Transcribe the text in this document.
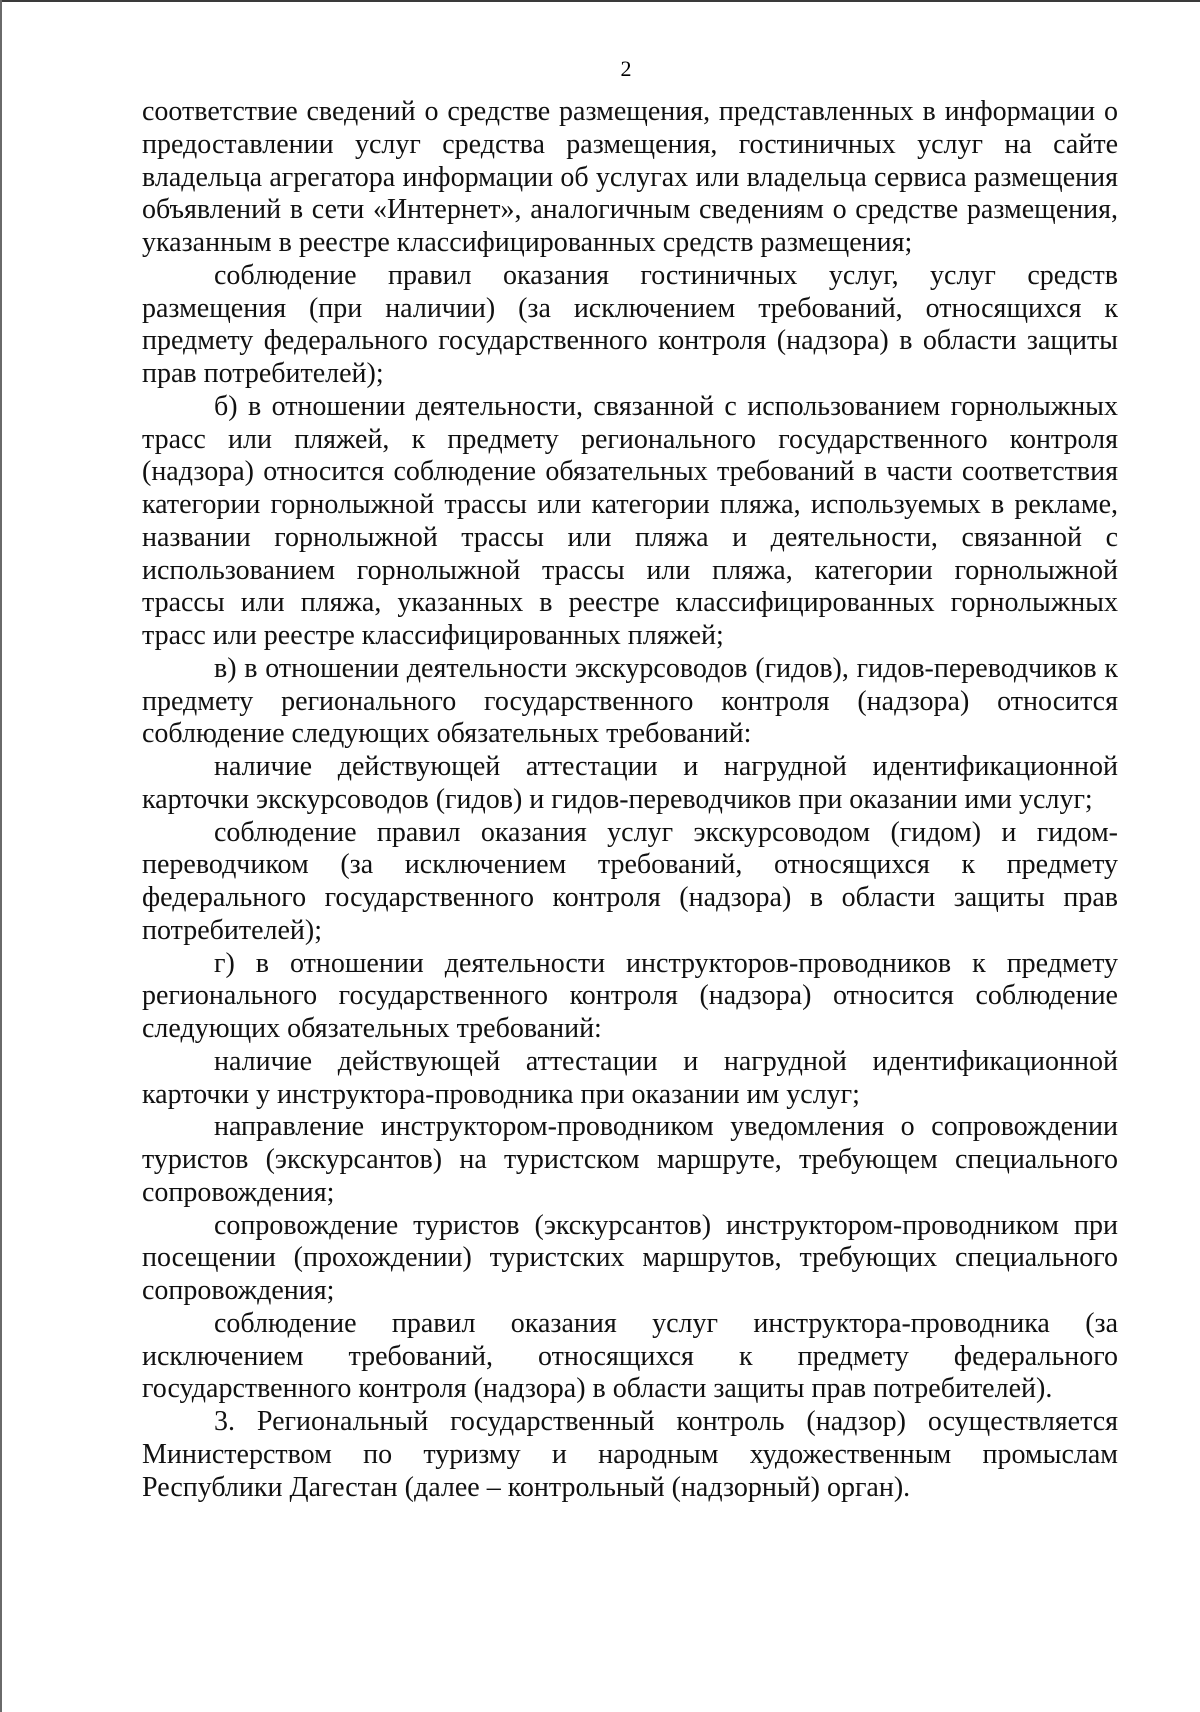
2

соответствие сведений о средстве размещения, представленных в информации о предоставлении услуг средства размещения, гостиничных услуг на сайте владельца агрегатора информации об услугах или владельца сервиса размещения объявлений в сети «Интернет», аналогичным сведениям о средстве размещения, указанным в реестре классифицированных средств размещения;

соблюдение правил оказания гостиничных услуг, услуг средств размещения (при наличии) (за исключением требований, относящихся к предмету федерального государственного контроля (надзора) в области защиты прав потребителей);

б) в отношении деятельности, связанной с использованием горнолыжных трасс или пляжей, к предмету регионального государственного контроля (надзора) относится соблюдение обязательных требований в части соответствия категории горнолыжной трассы или категории пляжа, используемых в рекламе, названии горнолыжной трассы или пляжа и деятельности, связанной с использованием горнолыжной трассы или пляжа, категории горнолыжной трассы или пляжа, указанных в реестре классифицированных горнолыжных трасс или реестре классифицированных пляжей;

в) в отношении деятельности экскурсоводов (гидов), гидов-переводчиков к предмету регионального государственного контроля (надзора) относится соблюдение следующих обязательных требований:

наличие действующей аттестации и нагрудной идентификационной карточки экскурсоводов (гидов) и гидов-переводчиков при оказании ими услуг;

соблюдение правил оказания услуг экскурсоводом (гидом) и гидом-переводчиком (за исключением требований, относящихся к предмету федерального государственного контроля (надзора) в области защиты прав потребителей);

г) в отношении деятельности инструкторов-проводников к предмету регионального государственного контроля (надзора) относится соблюдение следующих обязательных требований:

наличие действующей аттестации и нагрудной идентификационной карточки у инструктора-проводника при оказании им услуг;

направление инструктором-проводником уведомления о сопровождении туристов (экскурсантов) на туристском маршруте, требующем специального сопровождения;

сопровождение туристов (экскурсантов) инструктором-проводником при посещении (прохождении) туристских маршрутов, требующих специального сопровождения;

соблюдение правил оказания услуг инструктора-проводника (за исключением требований, относящихся к предмету федерального государственного контроля (надзора) в области защиты прав потребителей).

3. Региональный государственный контроль (надзор) осуществляется Министерством по туризму и народным художественным промыслам Республики Дагестан (далее – контрольный (надзорный) орган).
